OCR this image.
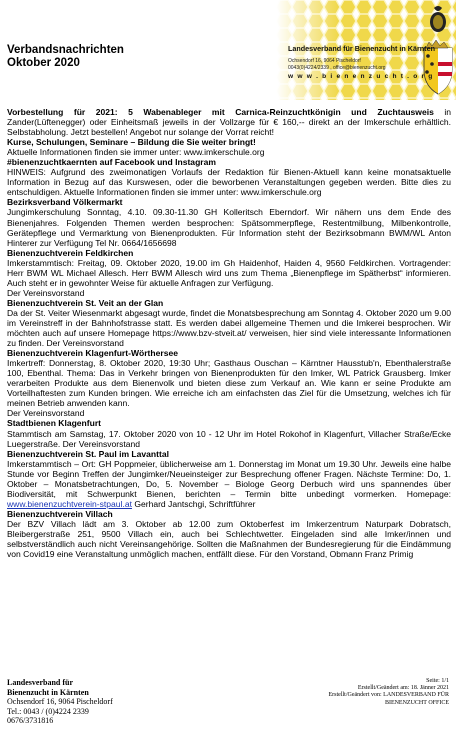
Verbandsnachrichten
Oktober 2020
Landesverband für Bienenzucht in Kärnten
Ochsendorf 16, 9064 Pischeldorf
0043(0)4224/2339 , office@bienenzucht.org
w w w . b i e n e n z u c h t . o r g

Vorbestellung für 2021: 5 Wabenableger mit Carnica-Reinzuchtkönigin und Zuchtausweis in Zander(Lüftenegger) oder Einheitsmaß jeweils in der Vollzarge für € 160,-- direkt an der Imkerschule erhältlich. Selbstabholung. Jetzt bestellen! Angebot nur solange der Vorrat reicht!

Kurse, Schulungen, Seminare – Bildung die Sie weiter bringt!

Aktuelle Informationen finden sie immer unter: www.imkerschule.org

#bienenzuchtkaernten auf Facebook und Instagram

HINWEIS: Aufgrund des zweimonatigen Vorlaufs der Redaktion für Bienen-Aktuell kann keine monatsaktuelle Information in Bezug auf das Kurswesen, oder die beworbenen Veranstaltungen gegeben werden. Bitte dies zu entschuldigen. Aktuelle Informationen finden sie immer unter: www.imkerschule.org

Bezirksverband Völkermarkt

Jungimkerschulung Sonntag, 4.10. 09.30-11.30 GH Kolleritsch Eberndorf. Wir nähern uns dem Ende des Bienenjahres. Folgenden Themen werden besprochen: Spätsommerpflege, Restentmilbung, Milbenkontrolle, Gerätepflege und Vermarktung von Bienenprodukten. Für Information steht der Bezirksobmann BWM/WL Anton Hinterer zur Verfügung Tel Nr. 0664/1656698

Bienenzuchtverein Feldkirchen

Imkerstammtisch: Freitag, 09. Oktober 2020, 19.00 im Gh Haidenhof, Haiden 4, 9560 Feldkirchen. Vortragender: Herr BWM WL Michael Allesch. Herr BWM Allesch wird uns zum Thema „Bienenpflege im Spätherbst“ informieren. Auch steht er in gewohnter Weise für aktuelle Anfragen zur Verfügung.

Der Vereinsvorstand

Bienenzuchtverein St. Veit an der Glan

Da der St. Veiter Wiesenmarkt abgesagt wurde, findet die Monatsbesprechung am Sonntag 4. Oktober 2020 um 9.00 im Vereinstreff in der Bahnhofstrasse statt. Es werden dabei allgemeine Themen und die Imkerei besprochen. Wir möchten auch auf unsere Homepage https://www.bzv-stveit.at/ verweisen, hier sind viele interessante Informationen zu finden. Der Vereinsvorstand

Bienenzuchtverein Klagenfurt-Wörthersee

Imkertreff: Donnerstag, 8. Oktober 2020, 19:30 Uhr; Gasthaus Ouschan – Kärntner Hausstub'n, Ebenthalerstraße 100, Ebenthal. Thema: Das in Verkehr bringen von Bienenprodukten für den Imker, WL Patrick Grausberg. Imker verarbeiten Produkte aus dem Bienenvolk und bieten diese zum Verkauf an. Wie kann er seine Produkte am Vorteilhaftesten zum Kunden bringen. Wie erreiche ich am einfachsten das Ziel für die Umsetzung, welches ich für meinen Betrieb anwenden kann.

Der Vereinsvorstand

Stadtbienen Klagenfurt

Stammtisch am Samstag, 17. Oktober 2020 von 10 - 12 Uhr im Hotel Rokohof in Klagenfurt, Villacher Straße/Ecke Luegerstraße. Der Vereinsvorstand

Bienenzuchtverein St. Paul im Lavanttal

Imkerstammtisch – Ort: GH Poppmeier, üblicherweise am 1. Donnerstag im Monat um 19.30 Uhr. Jeweils eine halbe Stunde vor Beginn Treffen der Jungimker/Neueinsteiger zur Besprechung offener Fragen. Nächste Termine: Do, 1. Oktober – Monatsbetrachtungen, Do, 5. November – Biologe Georg Derbuch wird uns spannendes über Biodiversität, mit Schwerpunkt Bienen, berichten – Termin bitte unbedingt vormerken. Homepage: www.bienenzuchtverein-stpaul.at Gerhard Jantschgi, Schriftführer

Bienenzuchtverein Villach

Der BZV Villach lädt am 3. Oktober ab 12.00 zum Oktoberfest im Imkerzentrum Naturpark Dobratsch, Bleibergerstraße 251, 9500 Villach ein, auch bei Schlechtwetter. Eingeladen sind alle Imker/innen und selbstverständlich auch nicht Vereinsangehörige. Sollten die Maßnahmen der Bundesregierung für die Eindämmung von Covid19 eine Veranstaltung unmöglich machen, entfällt diese. Für den Vorstand, Obmann Franz Primig

Landesverband für
Bienenzucht in Kärnten
Ochsendorf 16, 9064 Pischeldorf
Tel.: 0043 / (0)4224 2339
0676/3731816
Seite: 1/1
Erstellt/Geändert am: 18. Jänner 2021
Erstellt/Geändert von: LANDESVERBAND FÜR
BIENENZUCHT OFFICE
